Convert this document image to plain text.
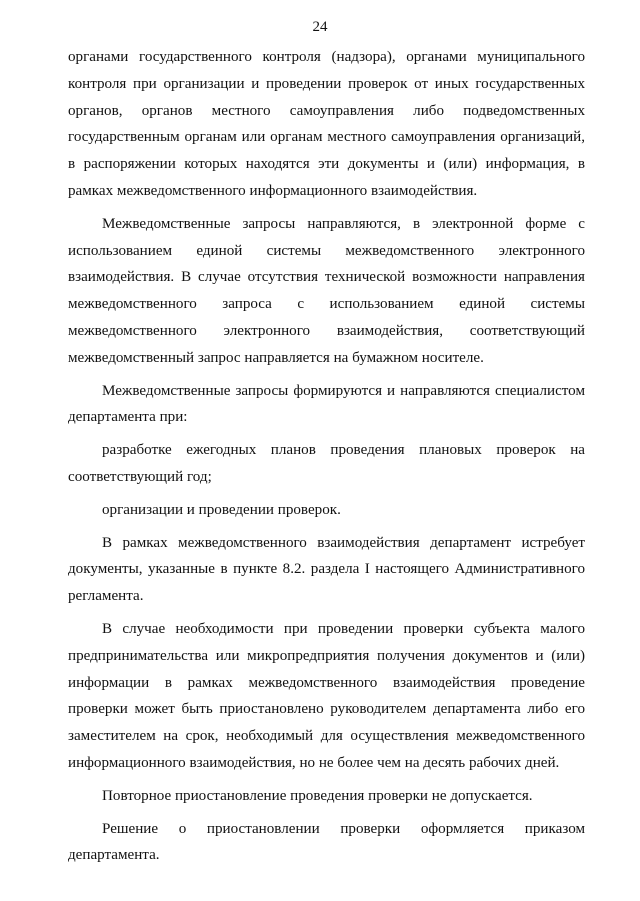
24

органами государственного контроля (надзора), органами муниципального контроля при организации и проведении проверок от иных государственных органов, органов местного самоуправления либо подведомственных государственным органам или органам местного самоуправления организаций, в распоряжении которых находятся эти документы и (или) информация, в рамках межведомственного информационного взаимодействия.

Межведомственные запросы направляются, в электронной форме с использованием единой системы межведомственного электронного взаимодействия. В случае отсутствия технической возможности направления межведомственного запроса с использованием единой системы межведомственного электронного взаимодействия, соответствующий межведомственный запрос направляется на бумажном носителе.

Межведомственные запросы формируются и направляются специалистом департамента при:

разработке ежегодных планов проведения плановых проверок на соответствующий год;

организации и проведении проверок.

В рамках межведомственного взаимодействия департамент истребует документы, указанные в пункте 8.2. раздела I настоящего Административного регламента.

В случае необходимости при проведении проверки субъекта малого предпринимательства или микропредприятия получения документов и (или) информации в рамках межведомственного взаимодействия проведение проверки может быть приостановлено руководителем департамента либо его заместителем на срок, необходимый для осуществления межведомственного информационного взаимодействия, но не более чем на десять рабочих дней.

Повторное приостановление проведения проверки не допускается.

Решение о приостановлении проверки оформляется приказом департамента.
